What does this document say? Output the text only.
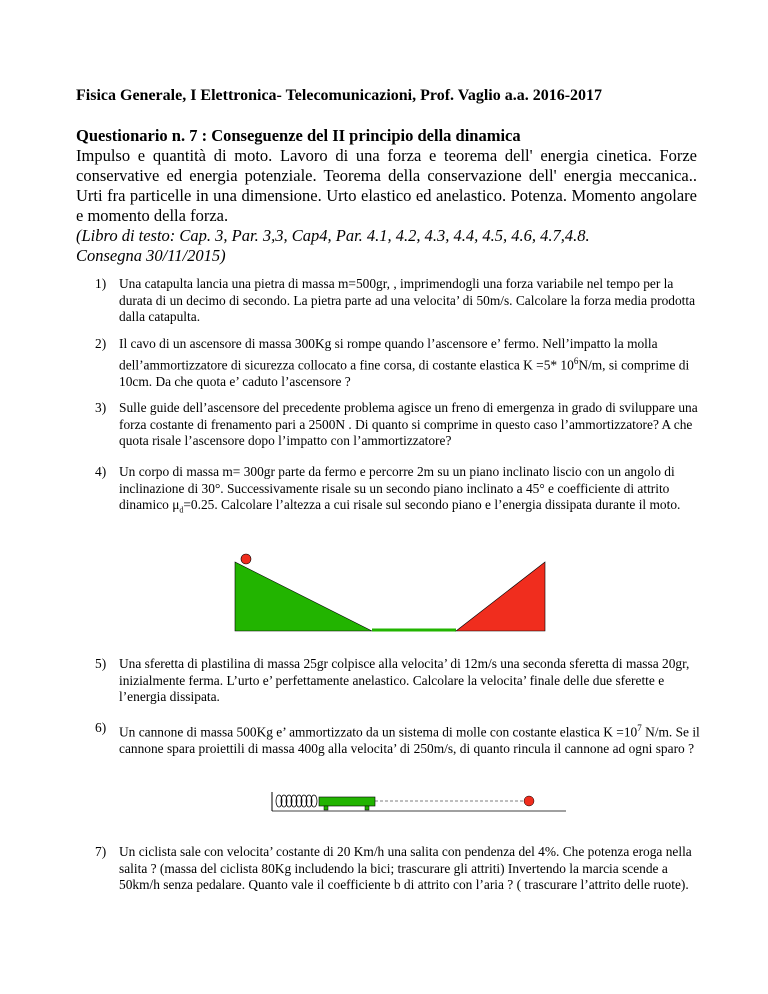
Fisica Generale, I Elettronica- Telecomunicazioni, Prof. Vaglio a.a. 2016-2017
Questionario n. 7 : Conseguenze del II principio della dinamica
Impulso e quantità di moto. Lavoro di una forza e teorema dell' energia cinetica. Forze conservative ed energia potenziale. Teorema della conservazione dell' energia meccanica.. Urti fra particelle in una dimensione. Urto elastico ed anelastico. Potenza. Momento angolare e momento della forza.
(Libro di testo: Cap. 3, Par. 3,3, Cap4, Par. 4.1, 4.2, 4.3, 4.4, 4.5, 4.6, 4.7,4.8.
Consegna 30/11/2015)
1) Una catapulta lancia una pietra di massa m=500gr, , imprimendogli una forza variabile nel tempo per la durata di un decimo di secondo. La pietra parte ad una velocita’ di 50m/s. Calcolare la forza media prodotta dalla catapulta.
2) Il cavo di un ascensore di massa 300Kg si rompe quando l’ascensore e’ fermo. Nell’impatto la molla dell’ammortizzatore di sicurezza collocato a fine corsa, di costante elastica K =5* $10^6N/m$, si comprime di 10cm. Da che quota e’ caduto l’ascensore ?
3) Sulle guide dell’ascensore del precedente problema agisce un freno di emergenza in grado di sviluppare una forza costante di frenamento pari a 2500N . Di quanto si comprime in questo caso l’ammortizzatore? A che quota risale l’ascensore dopo l’impatto con l’ammortizzatore?
4) Un corpo di massa m= 300gr parte da fermo e percorre 2m su un piano inclinato liscio con un angolo di inclinazione di 30°. Successivamente risale su un secondo piano inclinato a 45° e coefficiente di attrito dinamico $\mu_d=0.25$. Calcolare l’altezza a cui risale sul secondo piano e l’energia dissipata durante il moto.
5) Una sferetta di plastilina di massa 25gr colpisce alla velocita’ di 12m/s una seconda sferetta di massa 20gr, inizialmente ferma. L’urto e’ perfettamente anelastico. Calcolare la velocita’ finale delle due sferette e l’energia dissipata.
6) Un cannone di massa 500Kg e’ ammortizzato da un sistema di molle con costante elastica $K =10^7$ N/m. Se il cannone spara proiettili di massa 400g alla velocita’ di 250m/s, di quanto rincula il cannone ad ogni sparo ?
7) Un ciclista sale con velocita’ costante di 20 Km/h una salita con pendenza del 4%. Che potenza eroga nella salita ? (massa del ciclista 80Kg includendo la bici; trascurare gli attriti) Invertendo la marcia scende a 50km/h senza pedalare. Quanto vale il coefficiente b di attrito con l’aria ? ( trascurare l’attrito delle ruote).
